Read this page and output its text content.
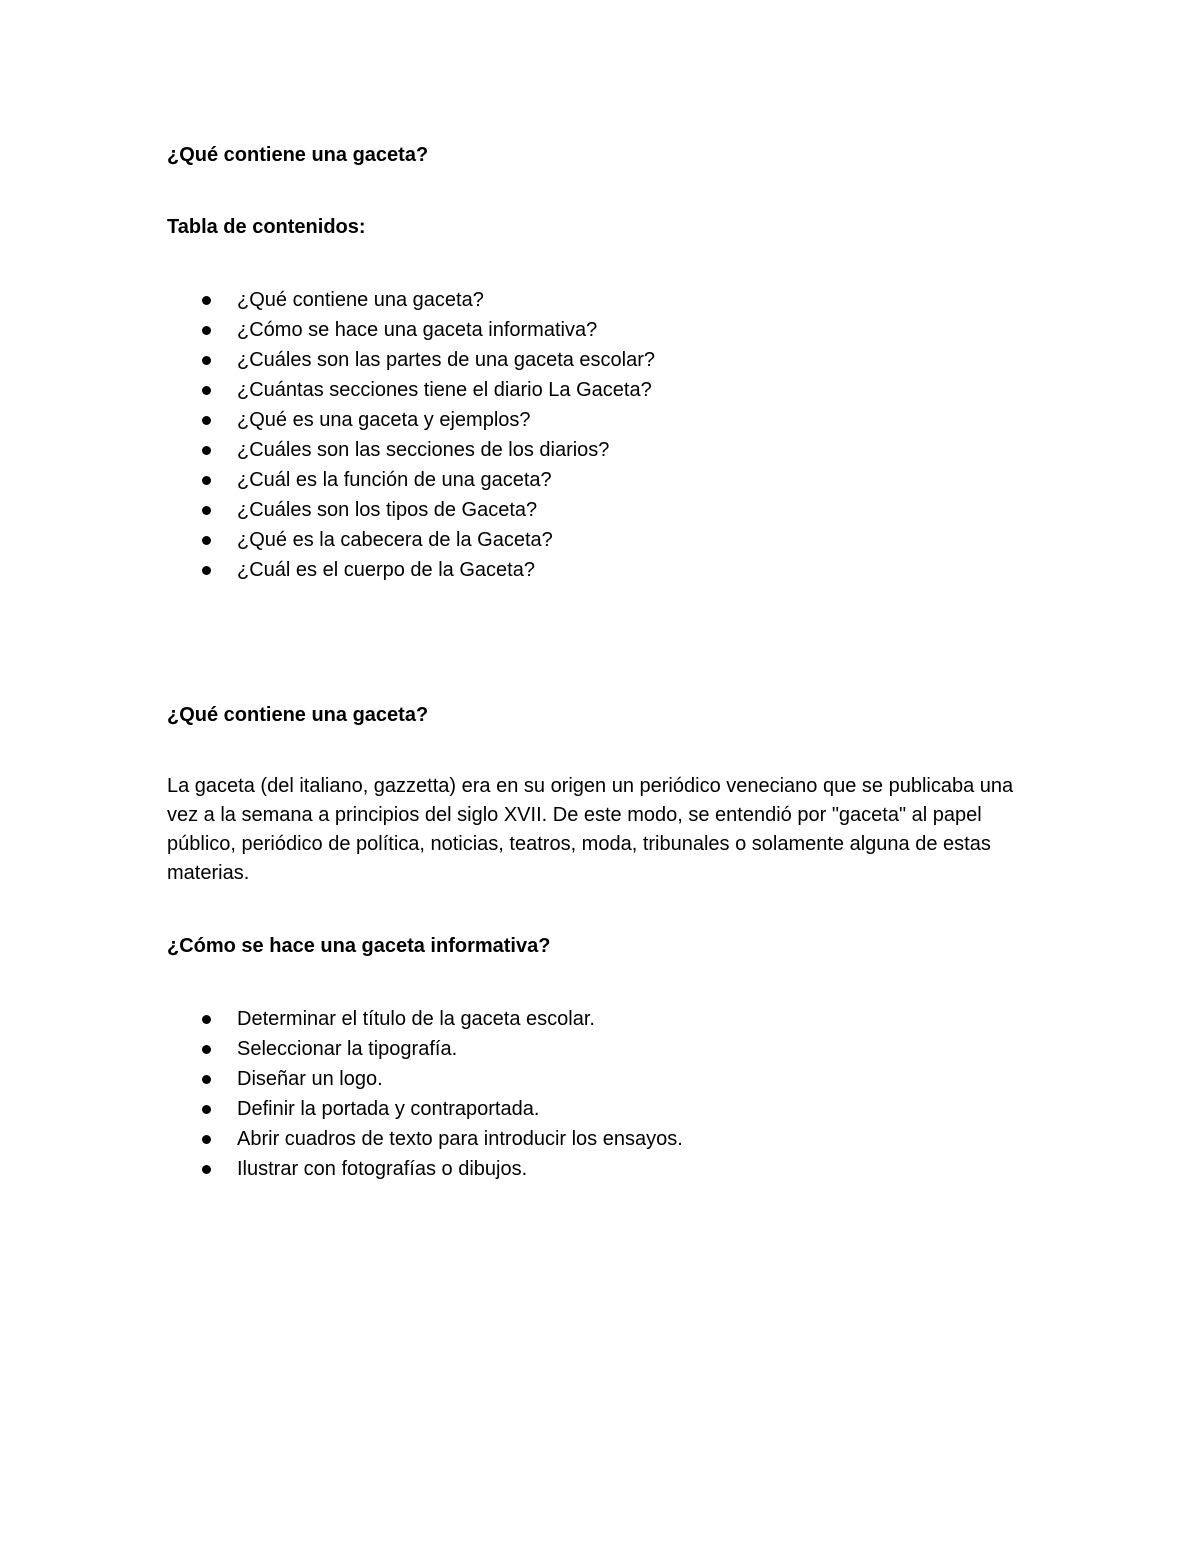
¿Qué contiene una gaceta?

Tabla de contenidos:

¿Qué contiene una gaceta?
¿Cómo se hace una gaceta informativa?
¿Cuáles son las partes de una gaceta escolar?
¿Cuántas secciones tiene el diario La Gaceta?
¿Qué es una gaceta y ejemplos?
¿Cuáles son las secciones de los diarios?
¿Cuál es la función de una gaceta?
¿Cuáles son los tipos de Gaceta?
¿Qué es la cabecera de la Gaceta?
¿Cuál es el cuerpo de la Gaceta?

¿Qué contiene una gaceta?

La gaceta (del italiano, gazzetta) era en su origen un periódico veneciano que se publicaba una vez a la semana a principios del siglo XVII. De este modo, se entendió por "gaceta" al papel público, periódico de política, noticias, teatros, moda, tribunales o solamente alguna de estas materias.

¿Cómo se hace una gaceta informativa?

Determinar el título de la gaceta escolar.
Seleccionar la tipografía.
Diseñar un logo.
Definir la portada y contraportada.
Abrir cuadros de texto para introducir los ensayos.
Ilustrar con fotografías o dibujos.
